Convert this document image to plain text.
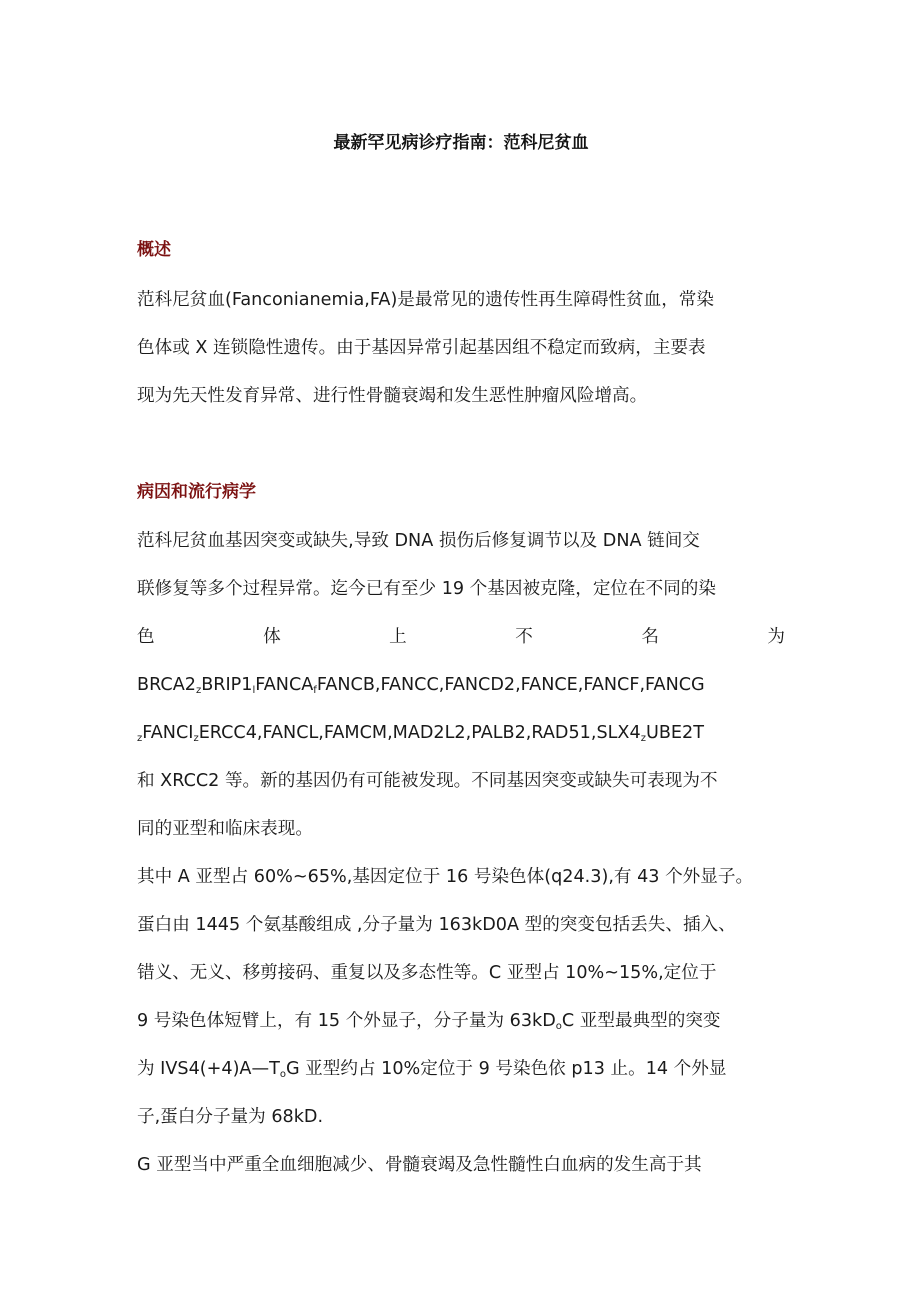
最新罕见病诊疗指南：范科尼贫血
概述

范科尼贫血(Fanconianemia,FA)是最常见的遗传性再生障碍性贫血，常染
色体或 X 连锁隐性遗传。由于基因异常引起基因组不稳定而致病，主要表
现为先天性发育异常、进行性骨髓衰竭和发生恶性肿瘤风险增高。

病因和流行病学
范科尼贫血基因突变或缺失,导致 DNA 损伤后修复调节以及 DNA 链间交
联修复等多个过程异常。迄今已有至少 19 个基因被克隆，定位在不同的染
色	体	上	不	名	为
$BRCA2_zBRIP1_lFANCA_fFANCB,FANCC,FANCD2,FANCE,FANCF,FANCG$
$_zFANCI_zERCC4,FANCL,FAMCM,MAD2L2,PALB2,RAD51,SLX4_zUBE2T$
和 XRCC2 等。新的基因仍有可能被发现。不同基因突变或缺失可表现为不
同的亚型和临床表现。
其中 A 亚型占 60%~65%,基因定位于 16 号染色体(q24.3),有 43 个外显子。
蛋白由 1445 个氨基酸组成 ,分子量为 163kD0A 型的突变包括丢失、插入、
错义、无义、移剪接码、重复以及多态性等。C 亚型占 10%~15%,定位于
9 号染色体短臂上，有 15 个外显子，分子量为 $63kD_oC$ 亚型最典型的突变
为 $IVS4(+4)A—T_oG$ 亚型约占 10%定位于 9 号染色依 p13 止。14 个外显
子,蛋白分子量为 68kD.
G 亚型当中严重全血细胞减少、骨髓衰竭及急性髓性白血病的发生高于其
